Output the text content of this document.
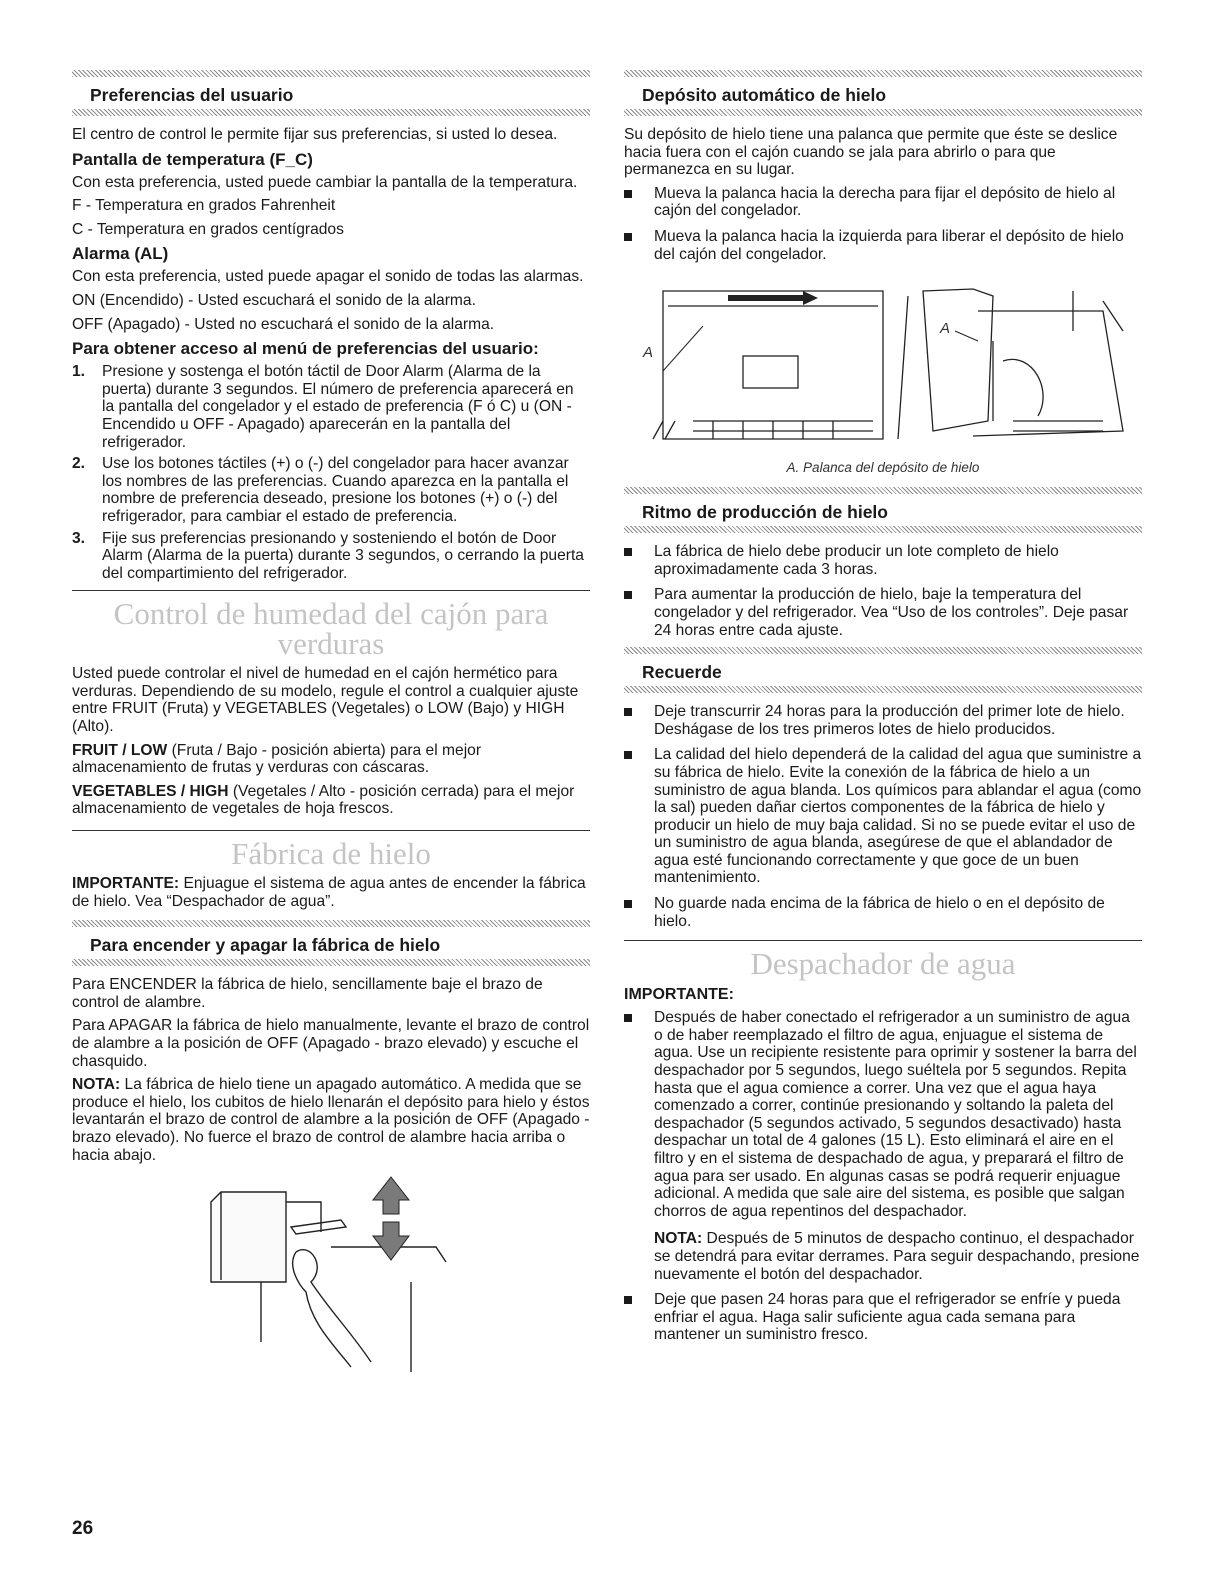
Preferencias del usuario

El centro de control le permite fijar sus preferencias, si usted lo desea.

Pantalla de temperatura (F_C)

Con esta preferencia, usted puede cambiar la pantalla de la temperatura.

F - Temperatura en grados Fahrenheit

C - Temperatura en grados centígrados

Alarma (AL)

Con esta preferencia, usted puede apagar el sonido de todas las alarmas.

ON (Encendido) - Usted escuchará el sonido de la alarma.

OFF (Apagado) - Usted no escuchará el sonido de la alarma.

Para obtener acceso al menú de preferencias del usuario:
1. Presione y sostenga el botón táctil de Door Alarm (Alarma de la puerta) durante 3 segundos. El número de preferencia aparecerá en la pantalla del congelador y el estado de preferencia (F ó C) u (ON - Encendido u OFF - Apagado) aparecerán en la pantalla del refrigerador.
2. Use los botones táctiles (+) o (-) del congelador para hacer avanzar los nombres de las preferencias. Cuando aparezca en la pantalla el nombre de preferencia deseado, presione los botones (+) o (-) del refrigerador, para cambiar el estado de preferencia.
3. Fije sus preferencias presionando y sosteniendo el botón de Door Alarm (Alarma de la puerta) durante 3 segundos, o cerrando la puerta del compartimiento del refrigerador.
Control de humedad del cajón para verduras

Usted puede controlar el nivel de humedad en el cajón hermético para verduras. Dependiendo de su modelo, regule el control a cualquier ajuste entre FRUIT (Fruta) y VEGETABLES (Vegetales) o LOW (Bajo) y HIGH (Alto).

FRUIT / LOW (Fruta / Bajo - posición abierta) para el mejor almacenamiento de frutas y verduras con cáscaras.

VEGETABLES / HIGH (Vegetales / Alto - posición cerrada) para el mejor almacenamiento de vegetales de hoja frescos.

Fábrica de hielo

IMPORTANTE: Enjuague el sistema de agua antes de encender la fábrica de hielo. Vea “Despachador de agua”.

Para encender y apagar la fábrica de hielo

Para ENCENDER la fábrica de hielo, sencillamente baje el brazo de control de alambre.

Para APAGAR la fábrica de hielo manualmente, levante el brazo de control de alambre a la posición de OFF (Apagado - brazo elevado) y escuche el chasquido.

NOTA: La fábrica de hielo tiene un apagado automático. A medida que se produce el hielo, los cubitos de hielo llenarán el depósito para hielo y éstos levantarán el brazo de control de alambre a la posición de OFF (Apagado - brazo elevado). No fuerce el brazo de control de alambre hacia arriba o hacia abajo.

Depósito automático de hielo

Su depósito de hielo tiene una palanca que permite que éste se deslice hacia fuera con el cajón cuando se jala para abrirlo o para que permanezca en su lugar.

Mueva la palanca hacia la derecha para fijar el depósito de hielo al cajón del congelador.
Mueva la palanca hacia la izquierda para liberar el depósito de hielo del cajón del congelador.
A
A
A. Palanca del depósito de hielo
Ritmo de producción de hielo
La fábrica de hielo debe producir un lote completo de hielo aproximadamente cada 3 horas.
Para aumentar la producción de hielo, baje la temperatura del congelador y del refrigerador. Vea “Uso de los controles”. Deje pasar 24 horas entre cada ajuste.
Recuerde
Deje transcurrir 24 horas para la producción del primer lote de hielo. Deshágase de los tres primeros lotes de hielo producidos.
La calidad del hielo dependerá de la calidad del agua que suministre a su fábrica de hielo. Evite la conexión de la fábrica de hielo a un suministro de agua blanda. Los químicos para ablandar el agua (como la sal) pueden dañar ciertos componentes de la fábrica de hielo y producir un hielo de muy baja calidad. Si no se puede evitar el uso de un suministro de agua blanda, asegúrese de que el ablandador de agua esté funcionando correctamente y que goce de un buen mantenimiento.
No guarde nada encima de la fábrica de hielo o en el depósito de hielo.
Despachador de agua
IMPORTANTE:
Después de haber conectado el refrigerador a un suministro de agua o de haber reemplazado el filtro de agua, enjuague el sistema de agua. Use un recipiente resistente para oprimir y sostener la barra del despachador por 5 segundos, luego suéltela por 5 segundos. Repita hasta que el agua comience a correr. Una vez que el agua haya comenzado a correr, continúe presionando y soltando la paleta del despachador (5 segundos activado, 5 segundos desactivado) hasta despachar un total de 4 galones (15 L). Esto eliminará el aire en el filtro y en el sistema de despachado de agua, y preparará el filtro de agua para ser usado. En algunas casas se podrá requerir enjuague adicional. A medida que sale aire del sistema, es posible que salgan chorros de agua repentinos del despachador.
NOTA: Después de 5 minutos de despacho continuo, el despachador se detendrá para evitar derrames. Para seguir despachando, presione nuevamente el botón del despachador.
Deje que pasen 24 horas para que el refrigerador se enfríe y pueda enfriar el agua. Haga salir suficiente agua cada semana para mantener un suministro fresco.
26
